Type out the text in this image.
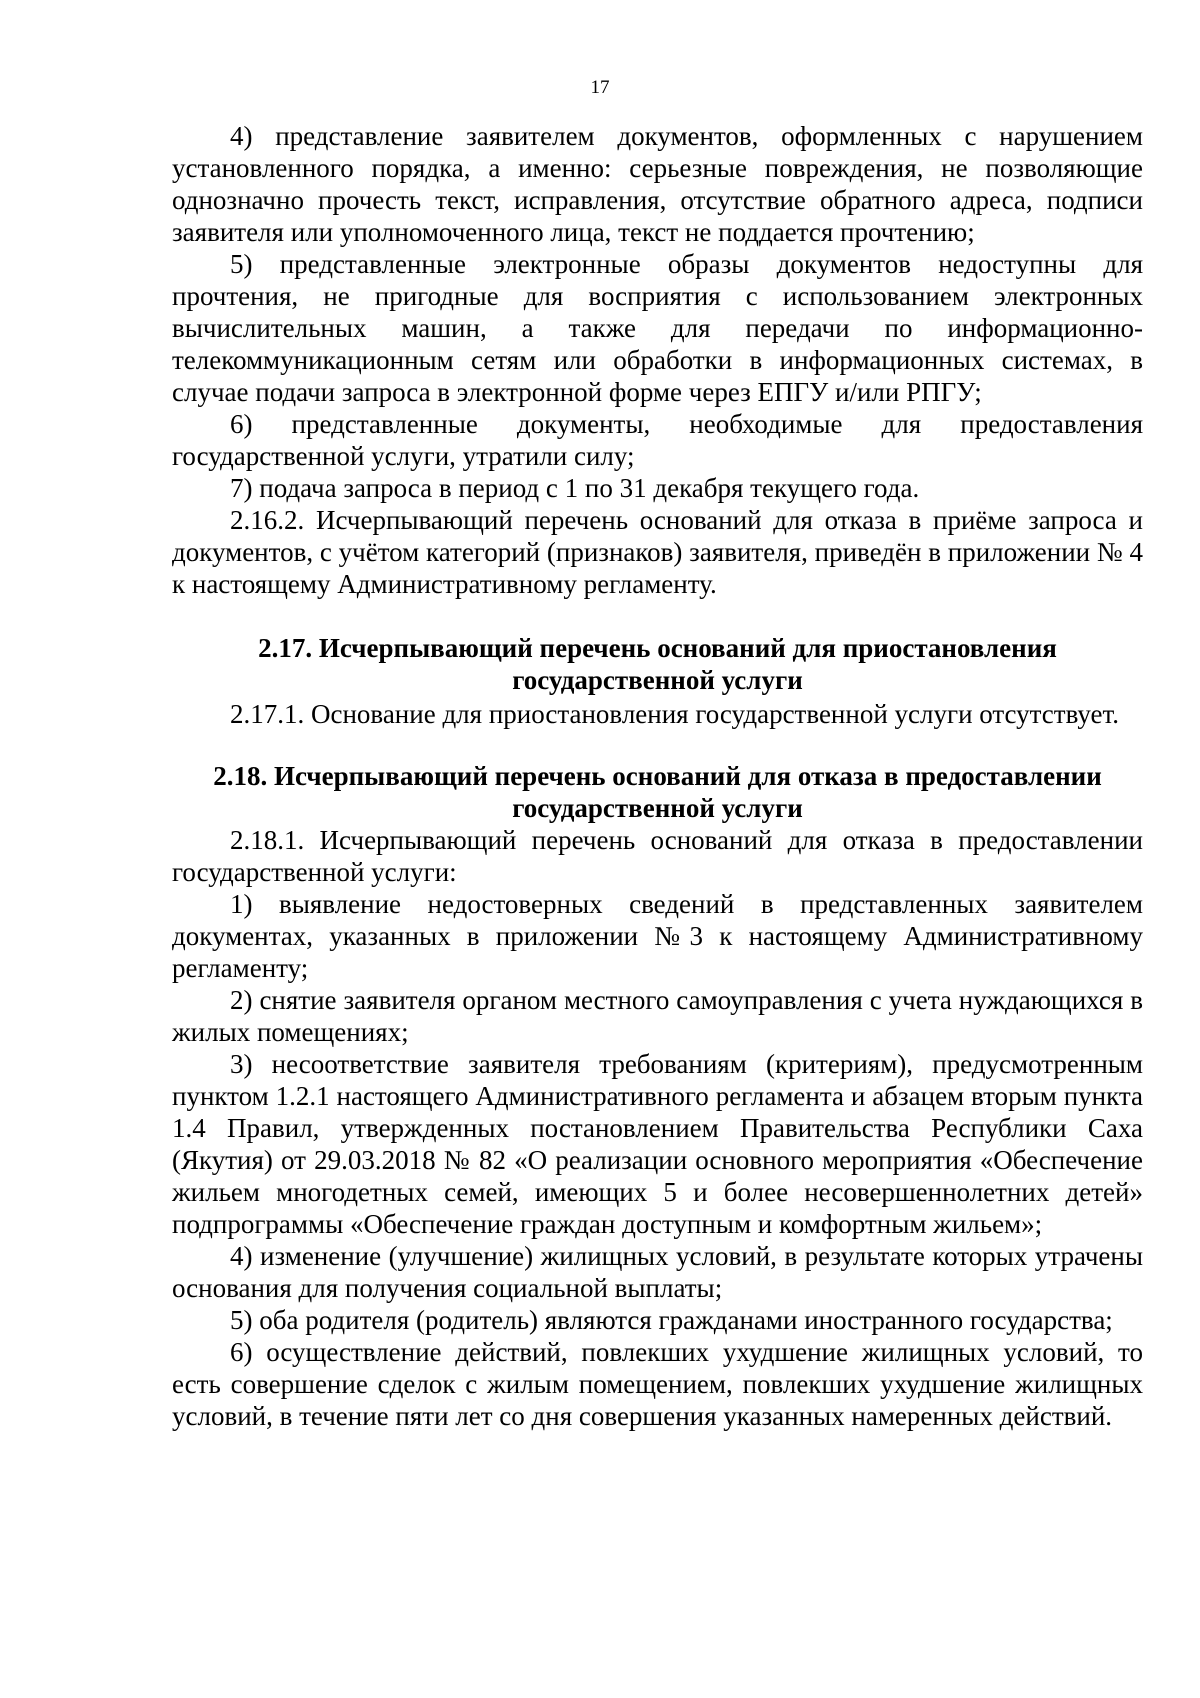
17

4) представление заявителем документов, оформленных с нарушением установленного порядка, а именно: серьезные повреждения, не позволяющие однозначно прочесть текст, исправления, отсутствие обратного адреса, подписи заявителя или уполномоченного лица, текст не поддается прочтению;

5) представленные электронные образы документов недоступны для прочтения, не пригодные для восприятия с использованием электронных вычислительных машин, а также для передачи по информационно-телекоммуникационным сетям или обработки в информационных системах, в случае подачи запроса в электронной форме через ЕПГУ и/или РПГУ;

6) представленные документы, необходимые для предоставления государственной услуги, утратили силу;

7) подача запроса в период с 1 по 31 декабря текущего года.

2.16.2. Исчерпывающий перечень оснований для отказа в приёме запроса и документов, с учётом категорий (признаков) заявителя, приведён в приложении № 4 к настоящему Административному регламенту.

2.17. Исчерпывающий перечень оснований для приостановления
государственной услуги

2.17.1. Основание для приостановления государственной услуги отсутствует.

2.18. Исчерпывающий перечень оснований для отказа в предоставлении
государственной услуги

2.18.1. Исчерпывающий перечень оснований для отказа в предоставлении государственной услуги:

1) выявление недостоверных сведений в представленных заявителем документах, указанных в приложении №3 к настоящему Административному регламенту;

2) снятие заявителя органом местного самоуправления с учета нуждающихся в жилых помещениях;

3) несоответствие заявителя требованиям (критериям), предусмотренным пунктом 1.2.1 настоящего Административного регламента и абзацем вторым пункта 1.4 Правил, утвержденных постановлением Правительства Республики Саха (Якутия) от 29.03.2018 № 82 «О реализации основного мероприятия «Обеспечение жильем многодетных семей, имеющих 5 и более несовершеннолетних детей» подпрограммы «Обеспечение граждан доступным и комфортным жильем»;

4) изменение (улучшение) жилищных условий, в результате которых утрачены основания для получения социальной выплаты;

5) оба родителя (родитель) являются гражданами иностранного государства;

6) осуществление действий, повлекших ухудшение жилищных условий, то есть совершение сделок с жилым помещением, повлекших ухудшение жилищных условий, в течение пяти лет со дня совершения указанных намеренных действий.
